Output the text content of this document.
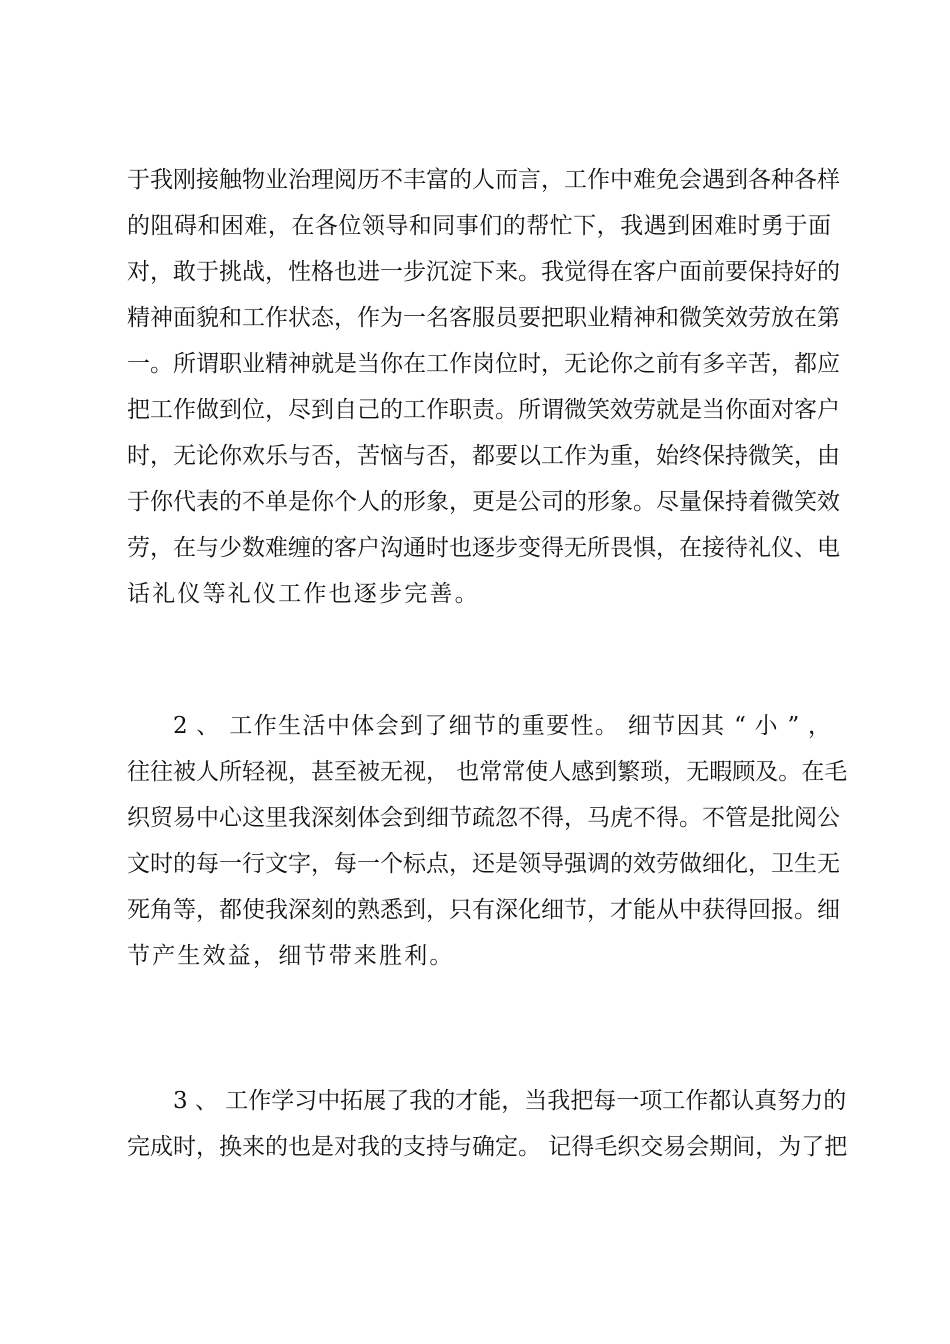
于我刚接触物业治理阅历不丰富的人而言，工作中难免会遇到各种各样
的阻碍和困难，在各位领导和同事们的帮忙下，我遇到困难时勇于面
对，敢于挑战，性格也进一步沉淀下来。我觉得在客户面前要保持好的
精神面貌和工作状态，作为一名客服员要把职业精神和微笑效劳放在第
一。所谓职业精神就是当你在工作岗位时，无论你之前有多辛苦，都应
把工作做到位，尽到自己的工作职责。所谓微笑效劳就是当你面对客户
时，无论你欢乐与否，苦恼与否，都要以工作为重，始终保持微笑，由
于你代表的不单是你个人的形象，更是公司的形象。尽量保持着微笑效
劳，在与少数难缠的客户沟通时也逐步变得无所畏惧，在接待礼仪、电
话礼仪等礼仪工作也逐步完善。
2 、 工作生活中体会到了细节的重要性。 细节因其 “ 小 ” ，
往往被人所轻视，甚至被无视， 也常常使人感到繁琐，无暇顾及。在毛
织贸易中心这里我深刻体会到细节疏忽不得，马虎不得。不管是批阅公
文时的每一行文字，每一个标点，还是领导强调的效劳做细化，卫生无
死角等，都使我深刻的熟悉到，只有深化细节，才能从中获得回报。细
节产生效益，细节带来胜利。
3 、 工作学习中拓展了我的才能，当我把每一项工作都认真努力的
完成时，换来的也是对我的支持与确定。 记得毛织交易会期间，为了把
